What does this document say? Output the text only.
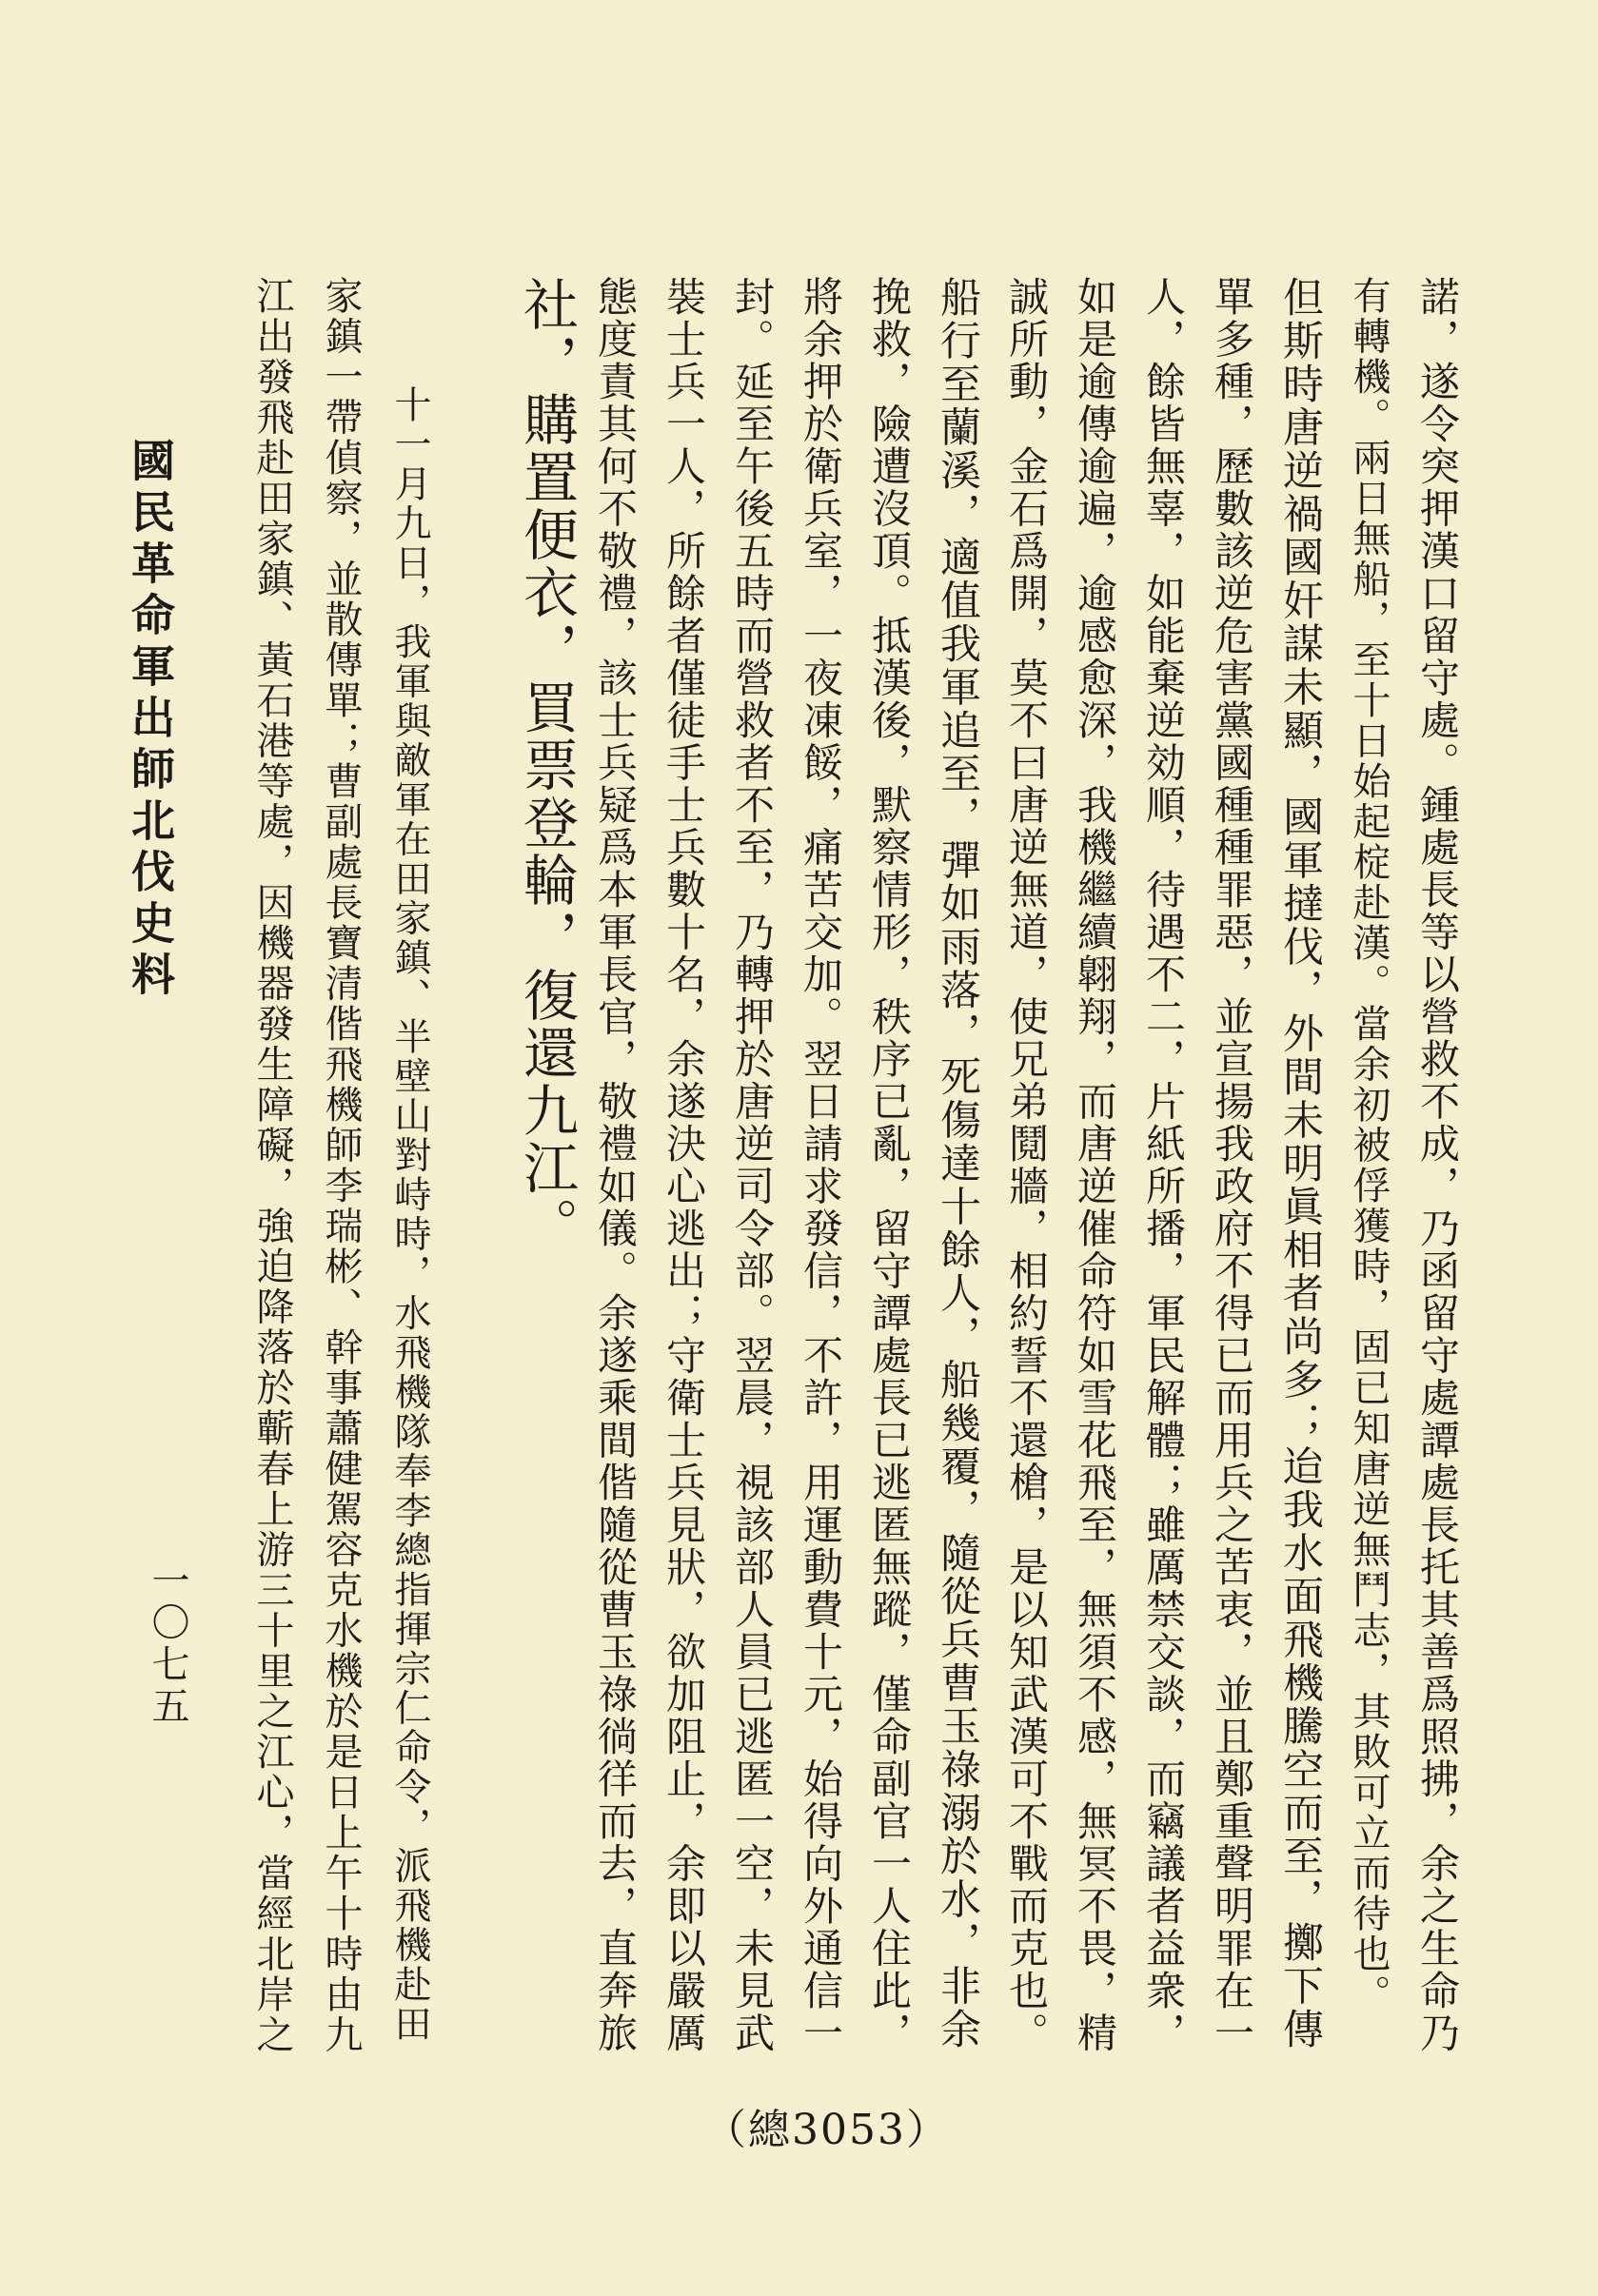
諾，遂令突押漢口留守處。鍾處長等以營救不成，乃函留守處譚處長托其善爲照拂，余之生命乃
有轉機。兩日無船，至十日始起椗赴漢。當余初被俘獲時，固已知唐逆無鬥志，其敗可立而待也。
但斯時唐逆禍國奸謀未顯，國軍撻伐，外間未明眞相者尚多；迨我水面飛機騰空而至，擲下傳
單多種，歷數該逆危害黨國種種罪惡，並宣揚我政府不得已而用兵之苦衷，並且鄭重聲明罪在一
人，餘皆無辜，如能棄逆効順，待遇不二，片紙所播，軍民解體；雖厲禁交談，而竊議者益衆，
如是逾傳逾遍，逾感愈深，我機繼續翺翔，而唐逆催命符如雪花飛至，無須不感，無冥不畏，精
誠所動，金石爲開，莫不曰唐逆無道，使兄弟鬩牆，相約誓不還槍，是以知武漢可不戰而克也。
船行至蘭溪，適值我軍追至，彈如雨落，死傷達十餘人，船幾覆，隨從兵曹玉祿溺於水，非余
挽救，險遭沒頂。抵漢後，默察情形，秩序已亂，留守譚處長已逃匿無蹤，僅命副官一人住此，
將余押於衛兵室，一夜凍餒，痛苦交加。翌日請求發信，不許，用運動費十元，始得向外通信一
封。延至午後五時而營救者不至，乃轉押於唐逆司令部。翌晨，視該部人員已逃匿一空，未見武
裝士兵一人，所餘者僅徒手士兵數十名，余遂決心逃出；守衛士兵見狀，欲加阻止，余即以嚴厲
態度責其何不敬禮，該士兵疑爲本軍長官，敬禮如儀。余遂乘間偕隨從曹玉祿徜徉而去，直奔旅
社，購置便衣，買票登輪，復還九江。
十一月九日，我軍與敵軍在田家鎮、半壁山對峙時，水飛機隊奉李總指揮宗仁命令，派飛機赴田
家鎮一帶偵察，並散傳單；曹副處長寶清偕飛機師李瑞彬、幹事蕭健駕容克水機於是日上午十時由九
江出發飛赴田家鎮、黃石港等處，因機器發生障礙，強迫降落於蘄春上游三十里之江心，當經北岸之
國民革命軍出師北伐史料
一〇七五
（總3053）
